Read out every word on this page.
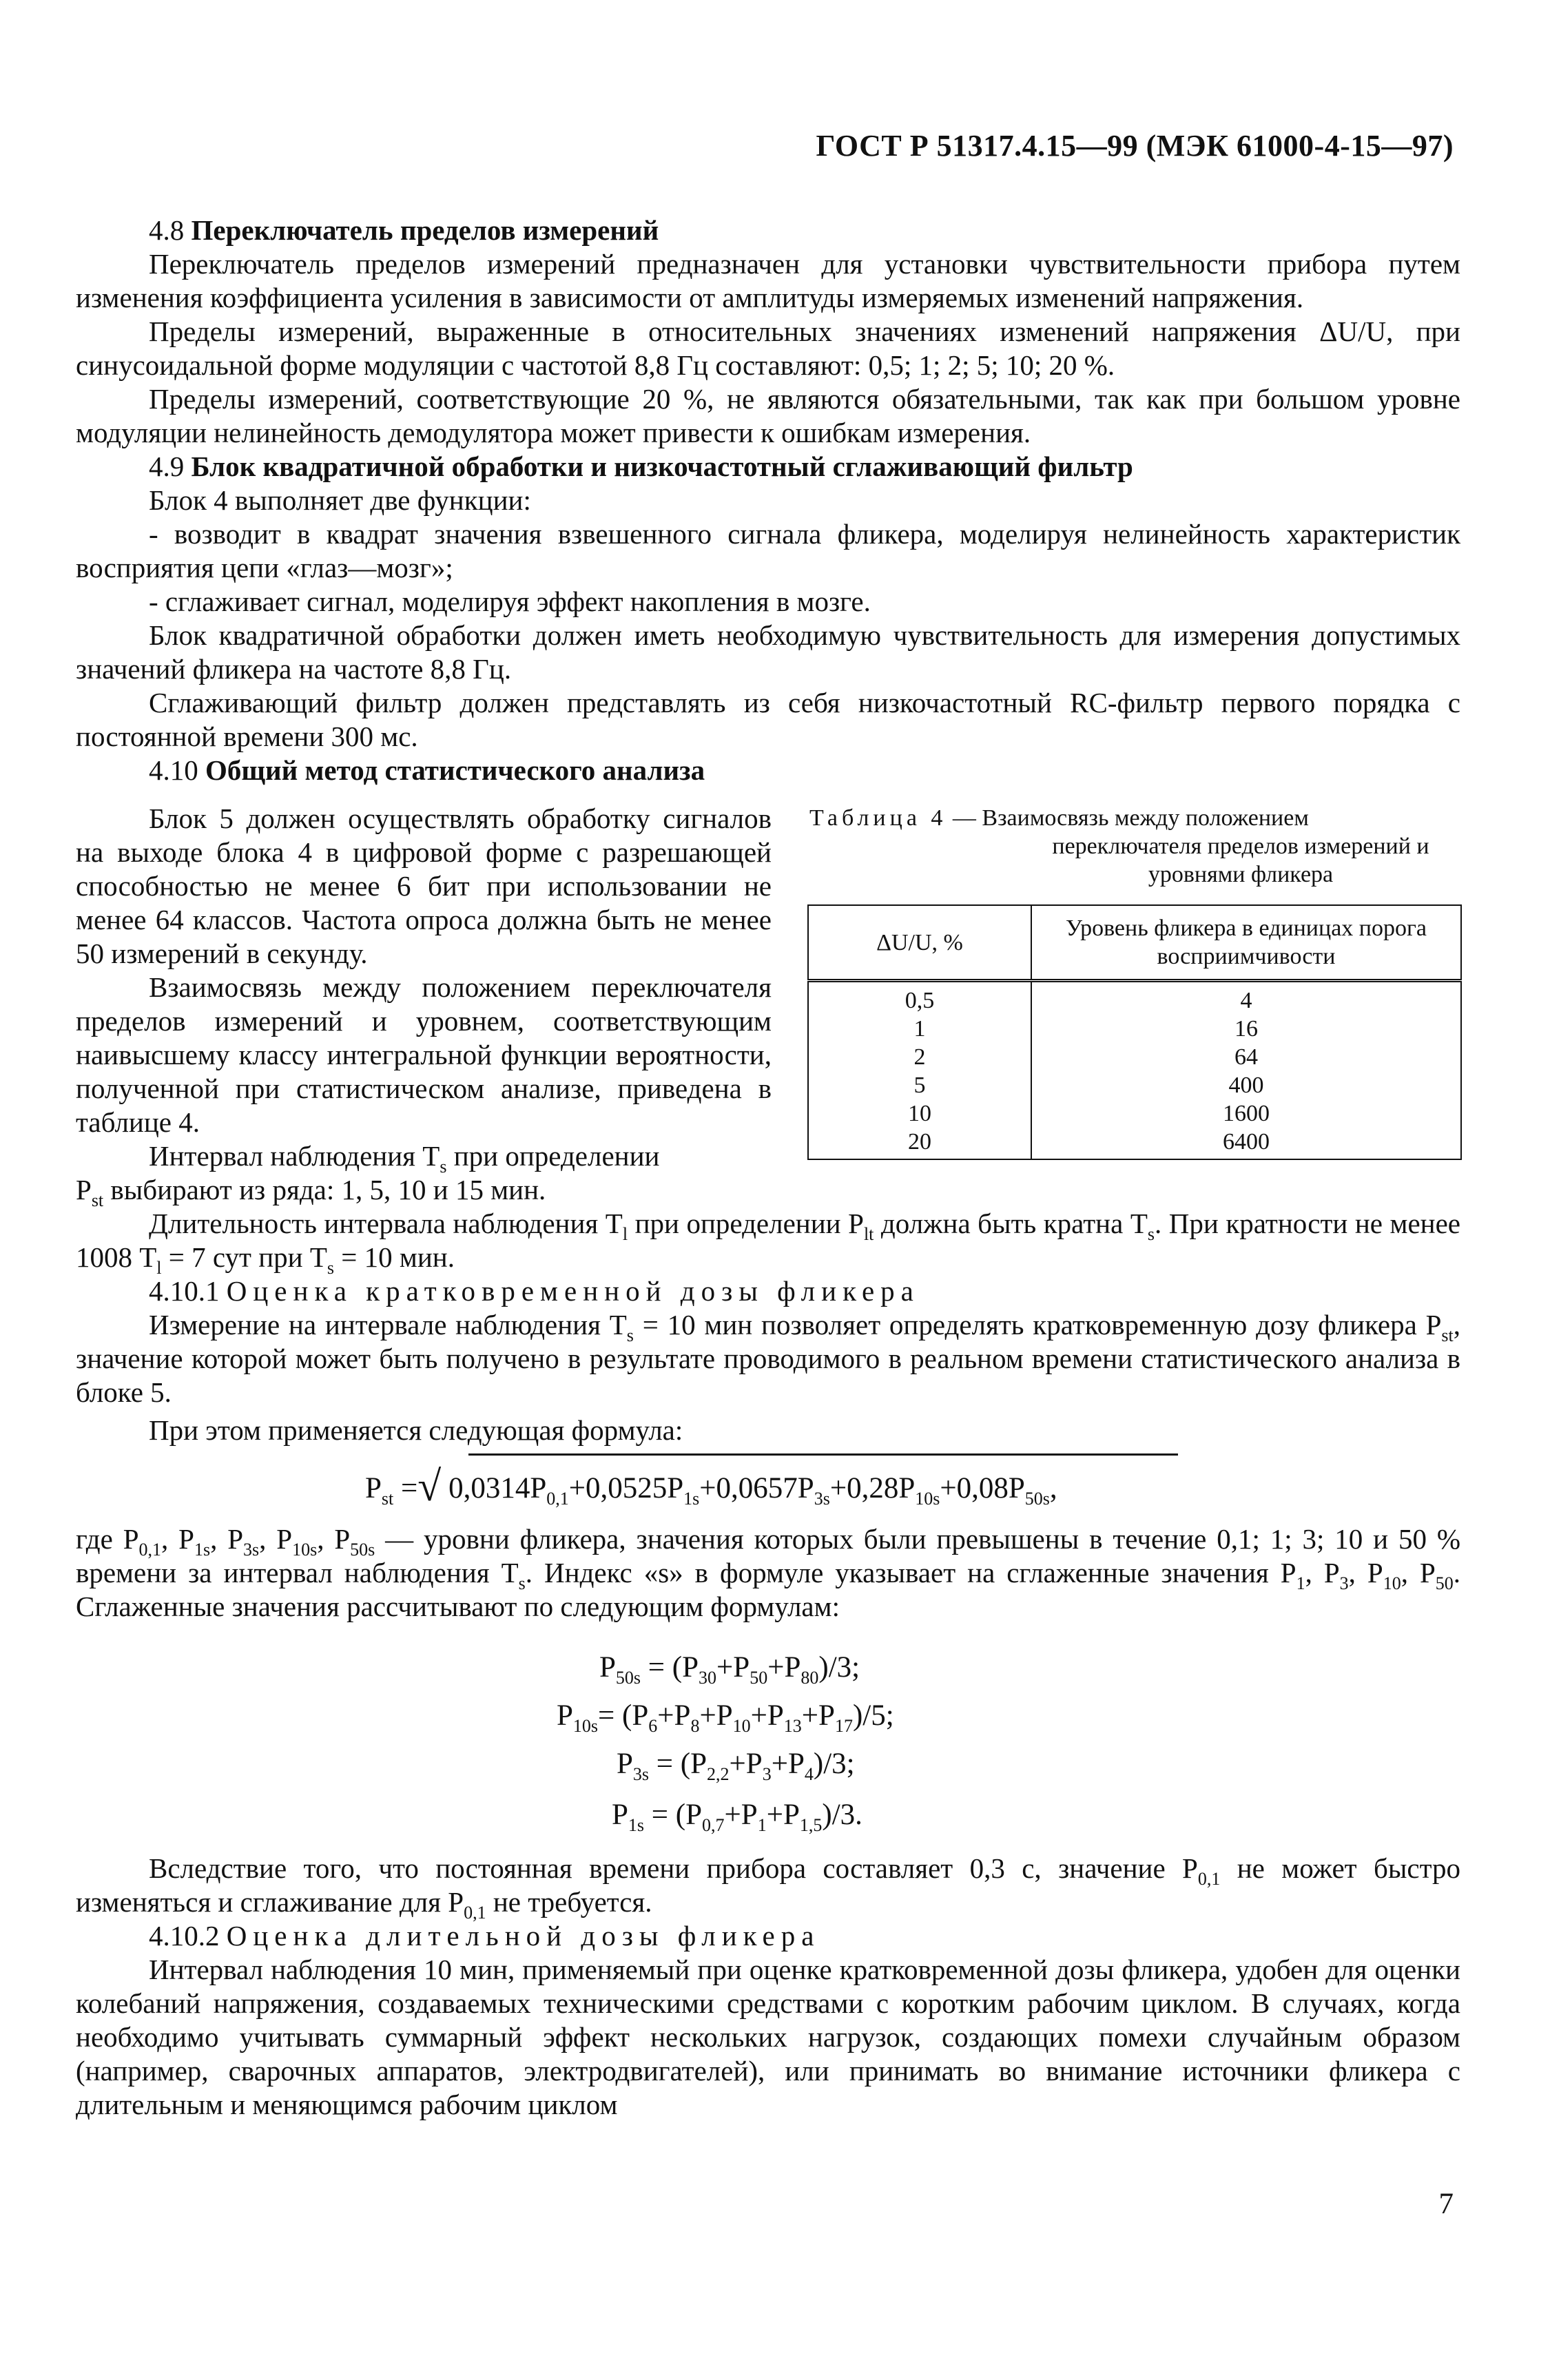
ГОСТ Р 51317.4.15—99 (МЭК 61000-4-15—97)

4.8 Переключатель пределов измерений

Переключатель пределов измерений предназначен для установки чувствительности прибора путем изменения коэффициента усиления в зависимости от амплитуды измеряемых изменений напряжения.

Пределы измерений, выраженные в относительных значениях изменений напряжения ΔU/U, при синусоидальной форме модуляции с частотой 8,8 Гц составляют: 0,5; 1; 2; 5; 10; 20 %.

Пределы измерений, соответствующие 20 %, не являются обязательными, так как при большом уровне модуляции нелинейность демодулятора может привести к ошибкам измерения.

4.9 Блок квадратичной обработки и низкочастотный сглаживающий фильтр

Блок 4 выполняет две функции:

- возводит в квадрат значения взвешенного сигнала фликера, моделируя нелинейность характеристик восприятия цепи «глаз—мозг»;

- сглаживает сигнал, моделируя эффект накопления в мозге.

Блок квадратичной обработки должен иметь необходимую чувствительность для измерения допустимых значений фликера на частоте 8,8 Гц.

Сглаживающий фильтр должен представлять из себя низкочастотный RC-фильтр первого порядка с постоянной времени 300 мс.

4.10 Общий метод статистического анализа

Блок 5 должен осуществлять обработку сигналов на выходе блока 4 в цифровой форме с разрешающей способностью не менее 6 бит при использовании не менее 64 классов. Частота опроса должна быть не менее 50 измерений в секунду.

Взаимосвязь между положением переключателя пределов измерений и уровнем, соответствующим наивысшему классу интегральной функции вероятности, полученной при статистическом анализе, приведена в таблице 4.

Интервал наблюдения $T_s$ при определении

Таблица 4 — Взаимосвязь между положением
переключателя пределов измерений и уровнями фликера
ΔU/U, %	Уровень фликера в единицах порога восприимчивости
0,5	4
1	16
2	64
5	400
10	1600
20	6400

$P_{st}$ выбирают из ряда: 1, 5, 10 и 15 мин.

Длительность интервала наблюдения $T_l$ при определении $P_{lt}$ должна быть кратна $T_s$. При кратности не менее 1008 $T_l = 7$ сут при $T_s = 10$ мин.

4.10.1 Оценка кратковременной дозы фликера

Измерение на интервале наблюдения $T_s = 10$ мин позволяет определять кратковременную дозу фликера $P_{st}$, значение которой может быть получено в результате проводимого в реальном времени статистического анализа в блоке 5.

При этом применяется следующая формула:

$P_{st}$ =√ $0,0314P_{0,1}+0,0525P_{1s}+0,0657P_{3s}+0,28P_{10s}+0,08P_{50s}$,

где $P_{0,1}$, $P_{1s}$, $P_{3s}$, $P_{10s}$, $P_{50s}$ — уровни фликера, значения которых были превышены в течение 0,1; 1; 3; 10 и 50 % времени за интервал наблюдения $T_s$. Индекс «s» в формуле указывает на сглаженные значения $P_1$, $P_3$, $P_{10}$, $P_{50}$. Сглаженные значения рассчитывают по следующим формулам:

$P_{50s} = (P_{30}+P_{50}+P_{80})/3$;
$P_{10s}= (P_6+P_8+P_{10}+P_{13}+P_{17})/5$;
$P_{3s} = (P_{2,2}+P_3+P_4)/3$;
$P_{1s} = (P_{0,7}+P_1+P_{1,5})/3$.

Вследствие того, что постоянная времени прибора составляет 0,3 с, значение $P_{0,1}$ не может быстро изменяться и сглаживание для $P_{0,1}$ не требуется.

4.10.2 Оценка длительной дозы фликера

Интервал наблюдения 10 мин, применяемый при оценке кратковременной дозы фликера, удобен для оценки колебаний напряжения, создаваемых техническими средствами с коротким рабочим циклом. В случаях, когда необходимо учитывать суммарный эффект нескольких нагрузок, создающих помехи случайным образом (например, сварочных аппаратов, электродвигателей), или принимать во внимание источники фликера с длительным и меняющимся рабочим циклом

7
